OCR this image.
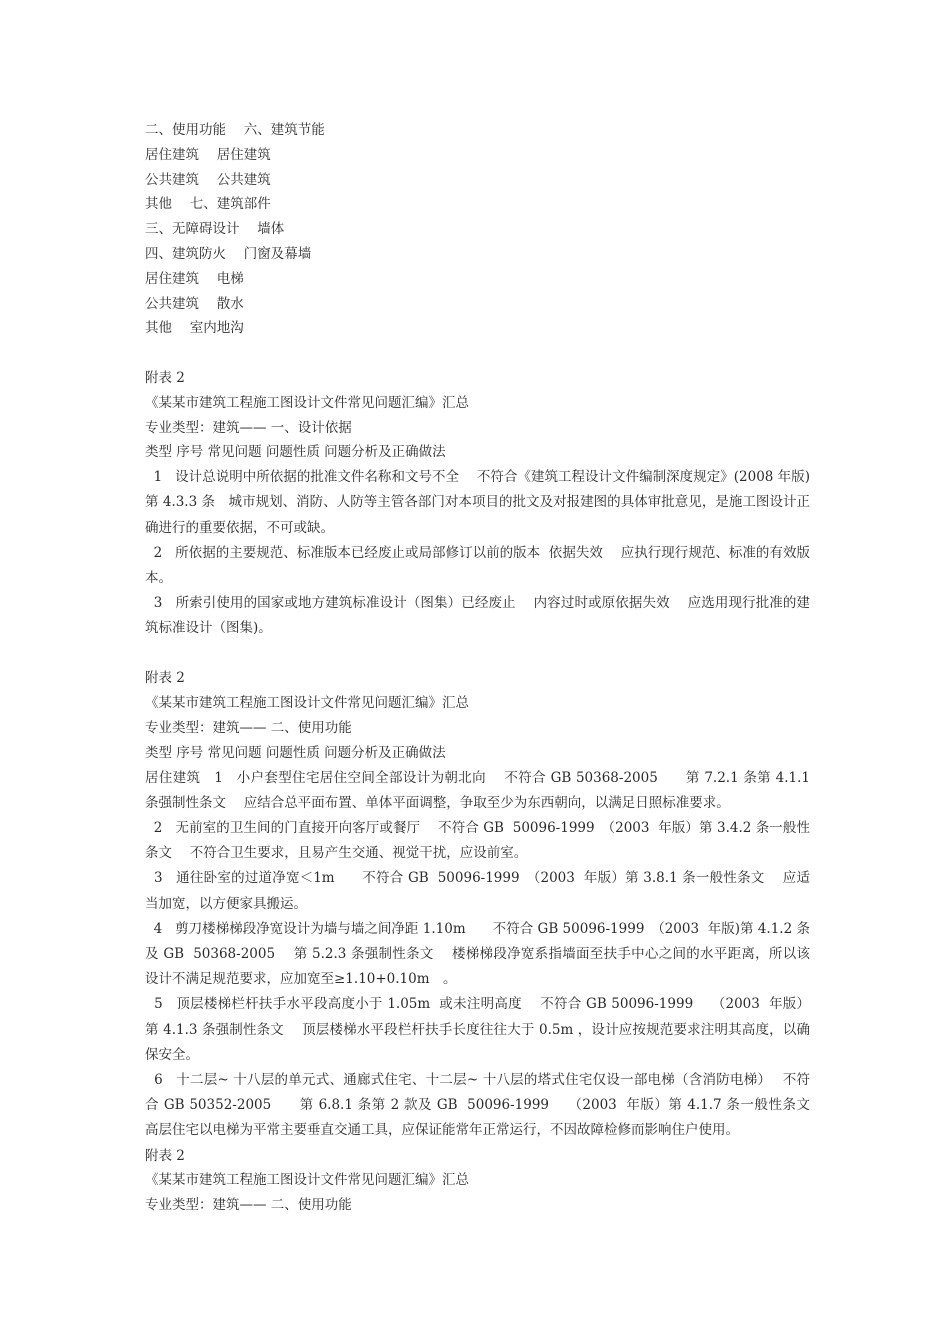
二、使用功能　 六、建筑节能
居住建筑　 居住建筑
公共建筑　 公共建筑
其他　 七、建筑部件
三、无障碍设计　 墙体
四、建筑防火　 门窗及幕墙
居住建筑　 电梯
公共建筑　 散水
其他　 室内地沟
附表 2
《某某市建筑工程施工图设计文件常见问题汇编》汇总
专业类型：建筑—— 一、设计依据
类型 序号 常见问题 问题性质 问题分析及正确做法
1   设计总说明中所依据的批准文件名称和文号不全　 不符合《建筑工程设计文件编制深度规定》(2008 年版) 第 4.3.3 条　城市规划、消防、人防等主管各部门对本项目的批文及对报建图的具体审批意见，是施工图设计正确进行的重要依据，不可或缺。
2   所依据的主要规范、标准版本已经废止或局部修订以前的版本  依据失效　 应执行现行规范、标准的有效版本。
3   所索引使用的国家或地方建筑标准设计（图集）已经废止　 内容过时或原依据失效　 应选用现行批准的建筑标准设计（图集)。
附表 2
《某某市建筑工程施工图设计文件常见问题汇编》汇总
专业类型：建筑—— 二、使用功能
类型 序号 常见问题 问题性质 问题分析及正确做法
居住建筑　1   小户套型住宅居住空间全部设计为朝北向　 不符合 GB 50368-2005　　第 7.2.1 条第 4.1.1 条强制性条文　 应结合总平面布置、单体平面调整，争取至少为东西朝向，以满足日照标准要求。
2   无前室的卫生间的门直接开向客厅或餐厅　 不符合 GB  50096-1999　（2003  年版）第 3.4.2 条一般性条文　 不符合卫生要求，且易产生交通、视觉干扰，应设前室。
3   通往卧室的过道净宽＜1m　　不符合 GB  50096-1999　（2003  年版）第 3.8.1 条一般性条文　 应适当加宽，以方便家具搬运。
4   剪刀楼梯梯段净宽设计为墙与墙之间净距 1.10m　　不符合 GB 50096-1999　（2003  年版)第 4.1.2 条及 GB  50368-2005　 第 5.2.3 条强制性条文　 楼梯梯段净宽系指墙面至扶手中心之间的水平距离，所以该设计不满足规范要求，应加宽至≥1.10+0.10m　。
5   顶层楼梯栏杆扶手水平段高度小于 1.05m  或未注明高度　 不符合 GB 50096-1999　 （2003  年版）第 4.1.3 条强制性条文　 顶层楼梯水平段栏杆扶手长度往往大于 0.5m ，设计应按规范要求注明其高度，以确保安全。
6   十二层~ 十八层的单元式、通廊式住宅、十二层~ 十八层的塔式住宅仅设一部电梯（含消防电梯）　 不符合 GB 50352-2005　　第 6.8.1 条第 2 款及 GB  50096-1999　 （2003  年版）第 4.1.7 条一般性条文　 高层住宅以电梯为平常主要垂直交通工具，应保证能常年正常运行，不因故障检修而影响住户使用。
附表 2
《某某市建筑工程施工图设计文件常见问题汇编》汇总
专业类型：建筑—— 二、使用功能
